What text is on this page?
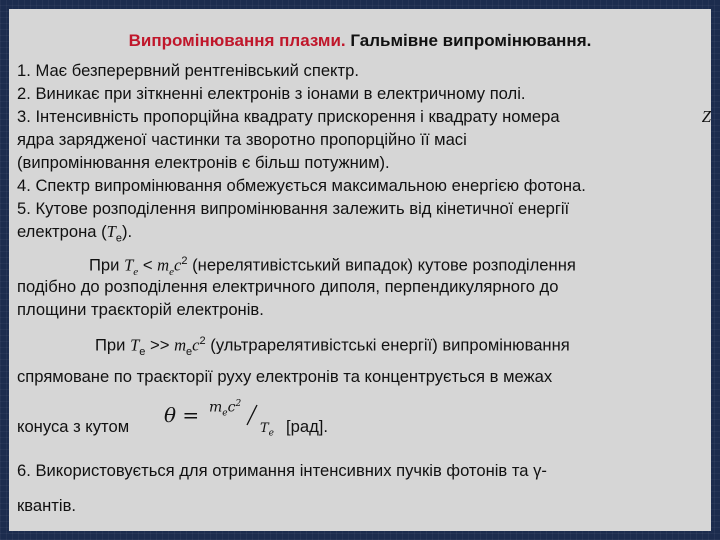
Випромінювання плазми. Гальмівне випромінювання.
1. Має безперервний рентгенівський спектр.
2. Виникає при зіткненні електронів з іонами в електричному полі.
3. Інтенсивність пропорційна квадрату прискорення і квадрату номера	Z
ядра зарядженої частинки та зворотно пропорційно її масі
(випромінювання електронів є більш потужним).
4. Спектр випромінювання обмежується максимальною енергією фотона.
5. Кутове розподілення випромінювання залежить від кінетичної енергії
електрона $(T_e)$.
При $T_e < m_ec^2$ (нерелятивістський випадок) кутове розподілення
подібно до розподілення електричного диполя, перпендикулярного до
площини траєкторій електронів.
При $T_e >> m_ec^2$ (ультрарелятивістські енергії) випромінювання
спрямоване по траєкторії руху електронів та концентрується в межах
конуса з кутом $\theta = m_ec^2$
$T_e$ [рад].
6. Використовується для отримання інтенсивних пучків фотонів та γ-
квантів.
